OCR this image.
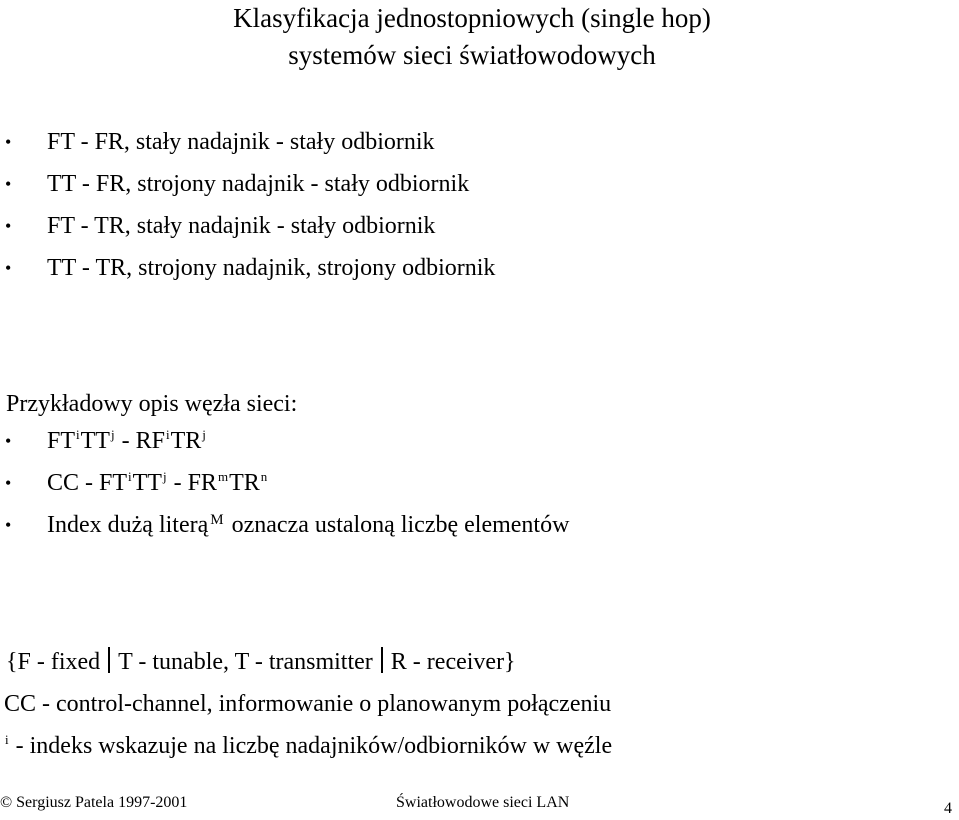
Klasyfikacja jednostopniowych (single hop)
systemów sieci światłowodowych
• FT - FR, stały nadajnik - stały odbiornik
• TT - FR, strojony nadajnik - stały odbiornik
• FT - TR, stały nadajnik - stały odbiornik
• TT - TR, strojony nadajnik, strojony odbiornik
Przykładowy opis węzła sieci:
• $FT^iTT^j - RF^iTR^j$
• CC - $FT^iTT^j - FR^mTR^n$
• Index dużą literą $^M$ oznacza ustaloną liczbę elementów
{F - fixed T - tunable, T - transmitter R - receiver}
CC - control-channel, informowanie o planowanym połączeniu
$^i$ - indeks wskazuje na liczbę nadajników/odbiorników w węźle
© Sergiusz Patela 1997-2001	Światłowodowe sieci LAN	4
